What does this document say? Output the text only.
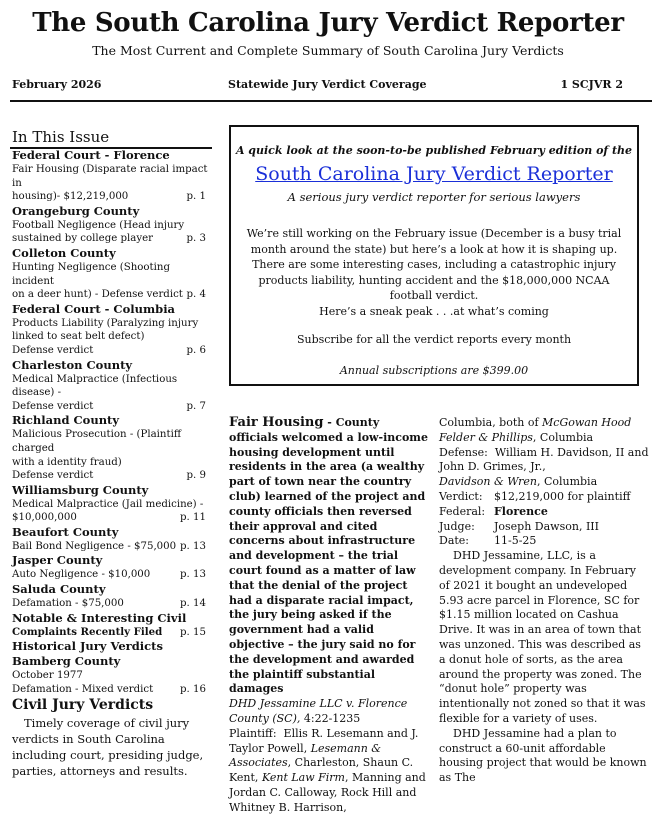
The South Carolina Jury Verdict Reporter
The Most Current and Complete Summary of South Carolina Jury Verdicts
February 2026	Statewide Jury Verdict Coverage	1 SCJVR 2
In This Issue
Federal Court - Florence
Fair Housing (Disparate racial impact in
housing)- $12,219,000	p. 1
Orangeburg County
Football Negligence (Head injury
sustained by college player	p. 3
Colleton County
Hunting Negligence (Shooting incident
on a deer hunt) - Defense verdict p. 4
Federal Court - Columbia
Products Liability (Paralyzing injury
linked to seat belt defect)
Defense verdict	p. 6
Charleston County
Medical Malpractice (Infectious disease) -
Defense verdict	p. 7
Richland County
Malicious Prosecution - (Plaintiff charged
with a identity fraud)
Defense verdict	p. 9
Williamsburg County
Medical Malpractice (Jail medicine) -
$10,000,000	p. 11
Beaufort County
Bail Bond Negligence - $75,000 p. 13
Jasper County
Auto Negligence - $10,000	p. 13
Saluda County
Defamation - $75,000	p. 14
Notable & Interesting Civil
Complaints Recently Filed p. 15
Historical Jury Verdicts
Bamberg County
October 1977
Defamation - Mixed verdict	p. 16
Civil Jury Verdicts
Timely coverage of civil jury verdicts in South Carolina including court, presiding judge, parties, attorneys and results.
A quick look at the soon-to-be published February edition of the
South Carolina Jury Verdict Reporter
A serious jury verdict reporter for serious lawyers
We’re still working on the February issue (December is a busy trial month around the state) but here’s a look at how it is shaping up. There are some interesting cases, including a catastrophic injury products liability, hunting accident and the $18,000,000 NCAA football verdict.
Here’s a sneak peak . . .at what’s coming
Subscribe for all the verdict reports every month
Annual subscriptions are $399.00

Fair Housing - County officials welcomed a low-income housing development until residents in the area (a wealthy part of town near the country club) learned of the project and county officials then reversed their approval and cited concerns about infrastructure and development – the trial court found as a matter of law that the denial of the project had a disparate racial impact, the jury being asked if the government had a valid objective – the jury said no for the development and awarded the plaintiff substantial damages

DHD Jessamine LLC v. Florence County (SC), 4:22-1235

Plaintiff: Ellis R. Lesemann and J. Taylor Powell, Lesemann & Associates, Charleston, Shaun C. Kent, Kent Law Firm, Manning and Jordan C. Calloway, Rock Hill and Whitney B. Harrison,

Columbia, both of McGowan Hood Felder & Phillips, Columbia

Defense: William H. Davidson, II and John D. Grimes, Jr.,
Davidson & Wren, Columbia

Verdict:	$12,219,000 for plaintiff
Federal: Florence
Judge:	Joseph Dawson, III
Date:	11-5-25

DHD Jessamine, LLC, is a development company. In February of 2021 it bought an undeveloped 5.93 acre parcel in Florence, SC for $1.15 million located on Cashua Drive. It was in an area of town that was unzoned. This was described as a donut hole of sorts, as the area around the property was zoned. The “donut hole” property was intentionally not zoned so that it was flexible for a variety of uses.

DHD Jessamine had a plan to construct a 60-unit affordable housing project that would be known as The
